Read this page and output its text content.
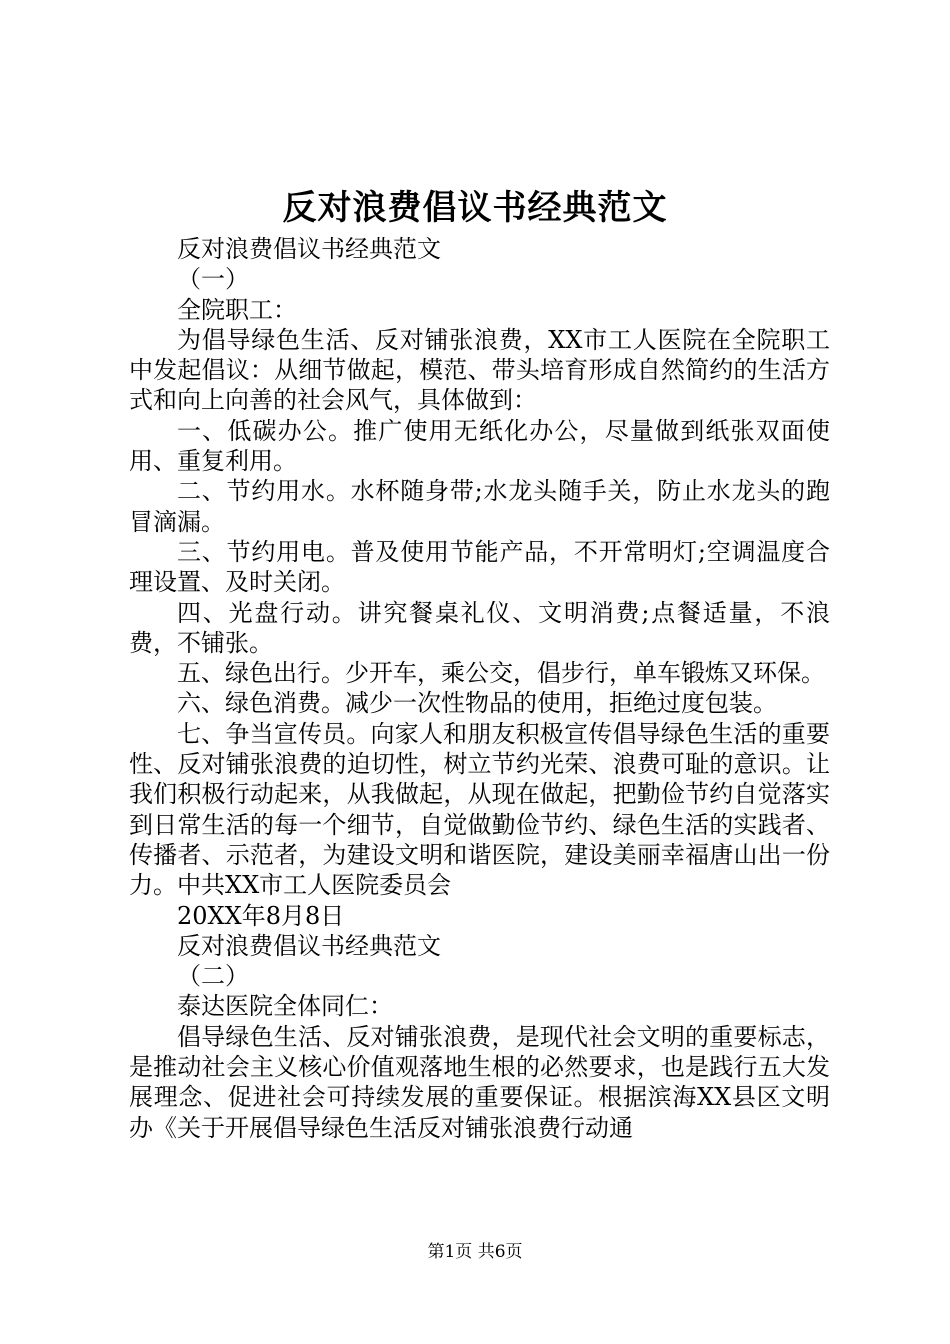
反对浪费倡议书经典范文

反对浪费倡议书经典范文

（一）

全院职工：

为倡导绿色生活、反对铺张浪费，XX市工人医院在全院职工中发起倡议：从细节做起，模范、带头培育形成自然简约的生活方式和向上向善的社会风气，具体做到：

一、低碳办公。推广使用无纸化办公，尽量做到纸张双面使用、重复利用。

二、节约用水。水杯随身带;水龙头随手关，防止水龙头的跑冒滴漏。

三、节约用电。普及使用节能产品，不开常明灯;空调温度合理设置、及时关闭。

四、光盘行动。讲究餐桌礼仪、文明消费;点餐适量，不浪费，不铺张。

五、绿色出行。少开车，乘公交，倡步行，单车锻炼又环保。

六、绿色消费。减少一次性物品的使用，拒绝过度包装。

七、争当宣传员。向家人和朋友积极宣传倡导绿色生活的重要性、反对铺张浪费的迫切性，树立节约光荣、浪费可耻的意识。让我们积极行动起来，从我做起，从现在做起，把勤俭节约自觉落实到日常生活的每一个细节，自觉做勤俭节约、绿色生活的实践者、传播者、示范者，为建设文明和谐医院，建设美丽幸福唐山出一份力。中共XX市工人医院委员会

20XX年8月8日

反对浪费倡议书经典范文

（二）

泰达医院全体同仁：

倡导绿色生活、反对铺张浪费，是现代社会文明的重要标志，是推动社会主义核心价值观落地生根的必然要求，也是践行五大发展理念、促进社会可持续发展的重要保证。根据滨海XX县区文明办《关于开展倡导绿色生活反对铺张浪费行动通

第1页 共6页
